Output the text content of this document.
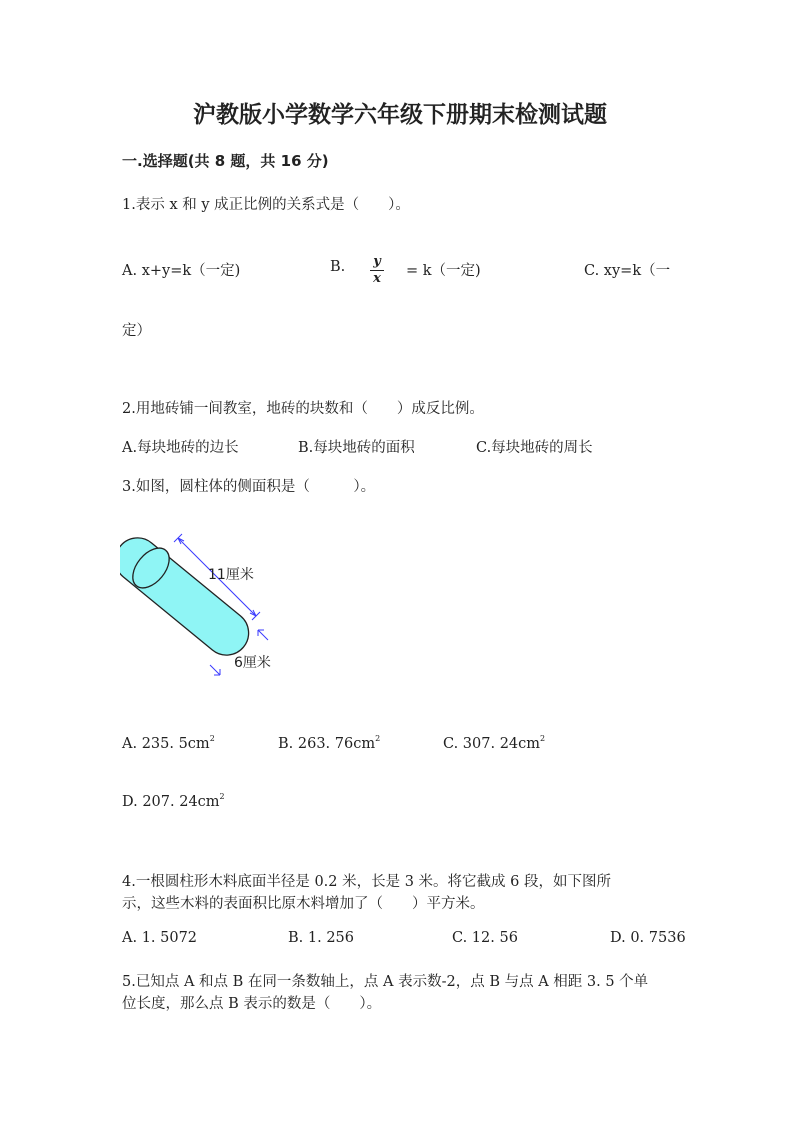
沪教版小学数学六年级下册期末检测试题
一.选择题(共 8 题，共 16 分)
1.表示 x 和 y 成正比例的关系式是（　　）。
A. x+y=k（一定)	B. y
x = k（一定)	C. xy=k（一
定）
2.用地砖铺一间教室，地砖的块数和（　　）成反比例。
A.每块地砖的边长	B.每块地砖的面积	C.每块地砖的周长
3.如图，圆柱体的侧面积是（　　　）。
11厘米
6厘米
A. 235. $5cm^2$	B. 263. $76cm^2$	C. 307. $24cm^2$
D. 207. $24cm^2$
4.一根圆柱形木料底面半径是 0.2 米，长是 3 米。将它截成 6 段，如下图所
示，这些木料的表面积比原木料增加了（　　）平方米。
A. 1. 5072	B. 1. 256	C. 12. 56	D. 0. 7536
5.已知点 A 和点 B 在同一条数轴上，点 A 表示数-2，点 B 与点 A 相距 3. 5 个单
位长度，那么点 B 表示的数是（　　）。
